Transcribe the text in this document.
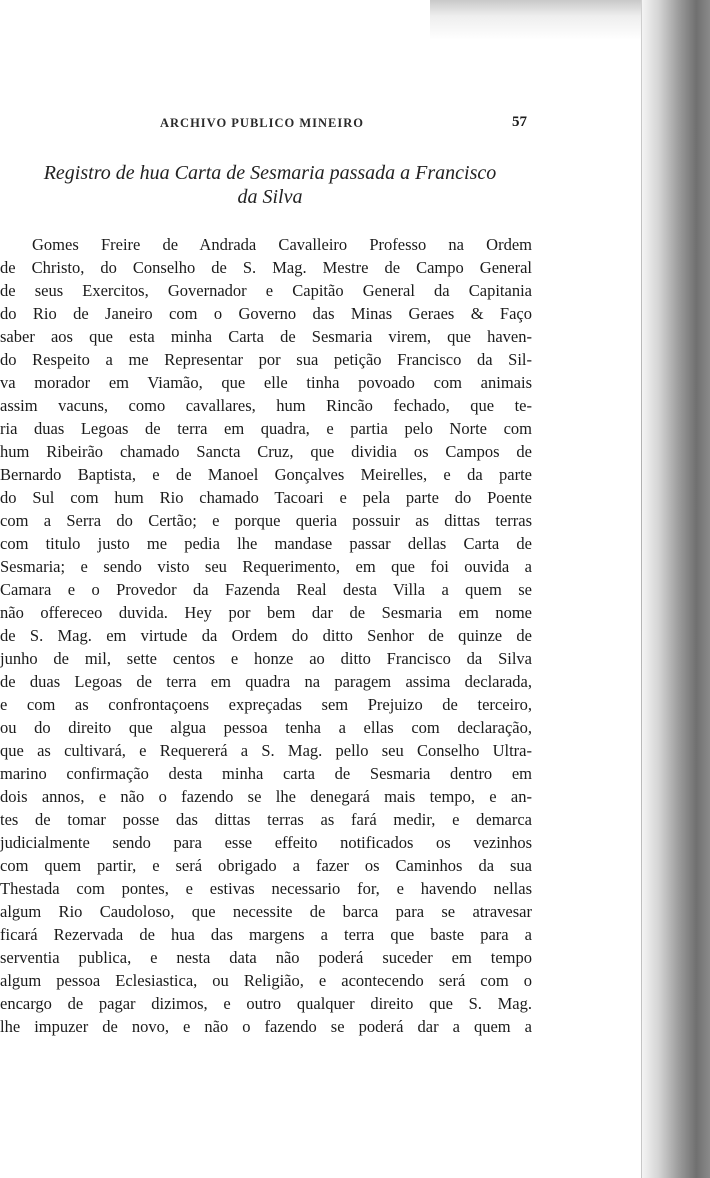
ARCHIVO PUBLICO MINEIRO	57
Registro de hua Carta de Sesmaria passada a Francisco
da Silva
Gomes Freire de Andrada Cavalleiro Professo na Ordem
de Christo, do Conselho de S. Mag. Mestre de Campo General
de seus Exercitos, Governador e Capitão General da Capitania
do Rio de Janeiro com o Governo das Minas Geraes & Faço
saber aos que esta minha Carta de Sesmaria virem, que haven-
do Respeito a me Representar por sua petição Francisco da Sil-
va morador em Viamão, que elle tinha povoado com animais
assim vacuns, como cavallares, hum Rincão fechado, que te-
ria duas Legoas de terra em quadra, e partia pelo Norte com
hum Ribeirão chamado Sancta Cruz, que dividia os Campos de
Bernardo Baptista, e de Manoel Gonçalves Meirelles, e da parte
do Sul com hum Rio chamado Tacoari e pela parte do Poente
com a Serra do Certão; e porque queria possuir as dittas terras
com titulo justo me pedia lhe mandase passar dellas Carta de
Sesmaria; e sendo visto seu Requerimento, em que foi ouvida a
Camara e o Provedor da Fazenda Real desta Villa a quem se
não offereceo duvida. Hey por bem dar de Sesmaria em nome
de S. Mag. em virtude da Ordem do ditto Senhor de quinze de
junho de mil, sette centos e honze ao ditto Francisco da Silva
de duas Legoas de terra em quadra na paragem assima declarada,
e com as confrontaçoens expreçadas sem Prejuizo de terceiro,
ou do direito que algua pessoa tenha a ellas com declaração,
que as cultivará, e Requererá a S. Mag. pello seu Conselho Ultra-
marino confirmação desta minha carta de Sesmaria dentro em
dois annos, e não o fazendo se lhe denegará mais tempo, e an-
tes de tomar posse das dittas terras as fará medir, e demarca
judicialmente sendo para esse effeito notificados os vezinhos
com quem partir, e será obrigado a fazer os Caminhos da sua
Thestada com pontes, e estivas necessario for, e havendo nellas
algum Rio Caudoloso, que necessite de barca para se atravesar
ficará Rezervada de hua das margens a terra que baste para a
serventia publica, e nesta data não poderá suceder em tempo
algum pessoa Eclesiastica, ou Religião, e acontecendo será com o
encargo de pagar dizimos, e outro qualquer direito que S. Mag.
lhe impuzer de novo, e não o fazendo se poderá dar a quem a
